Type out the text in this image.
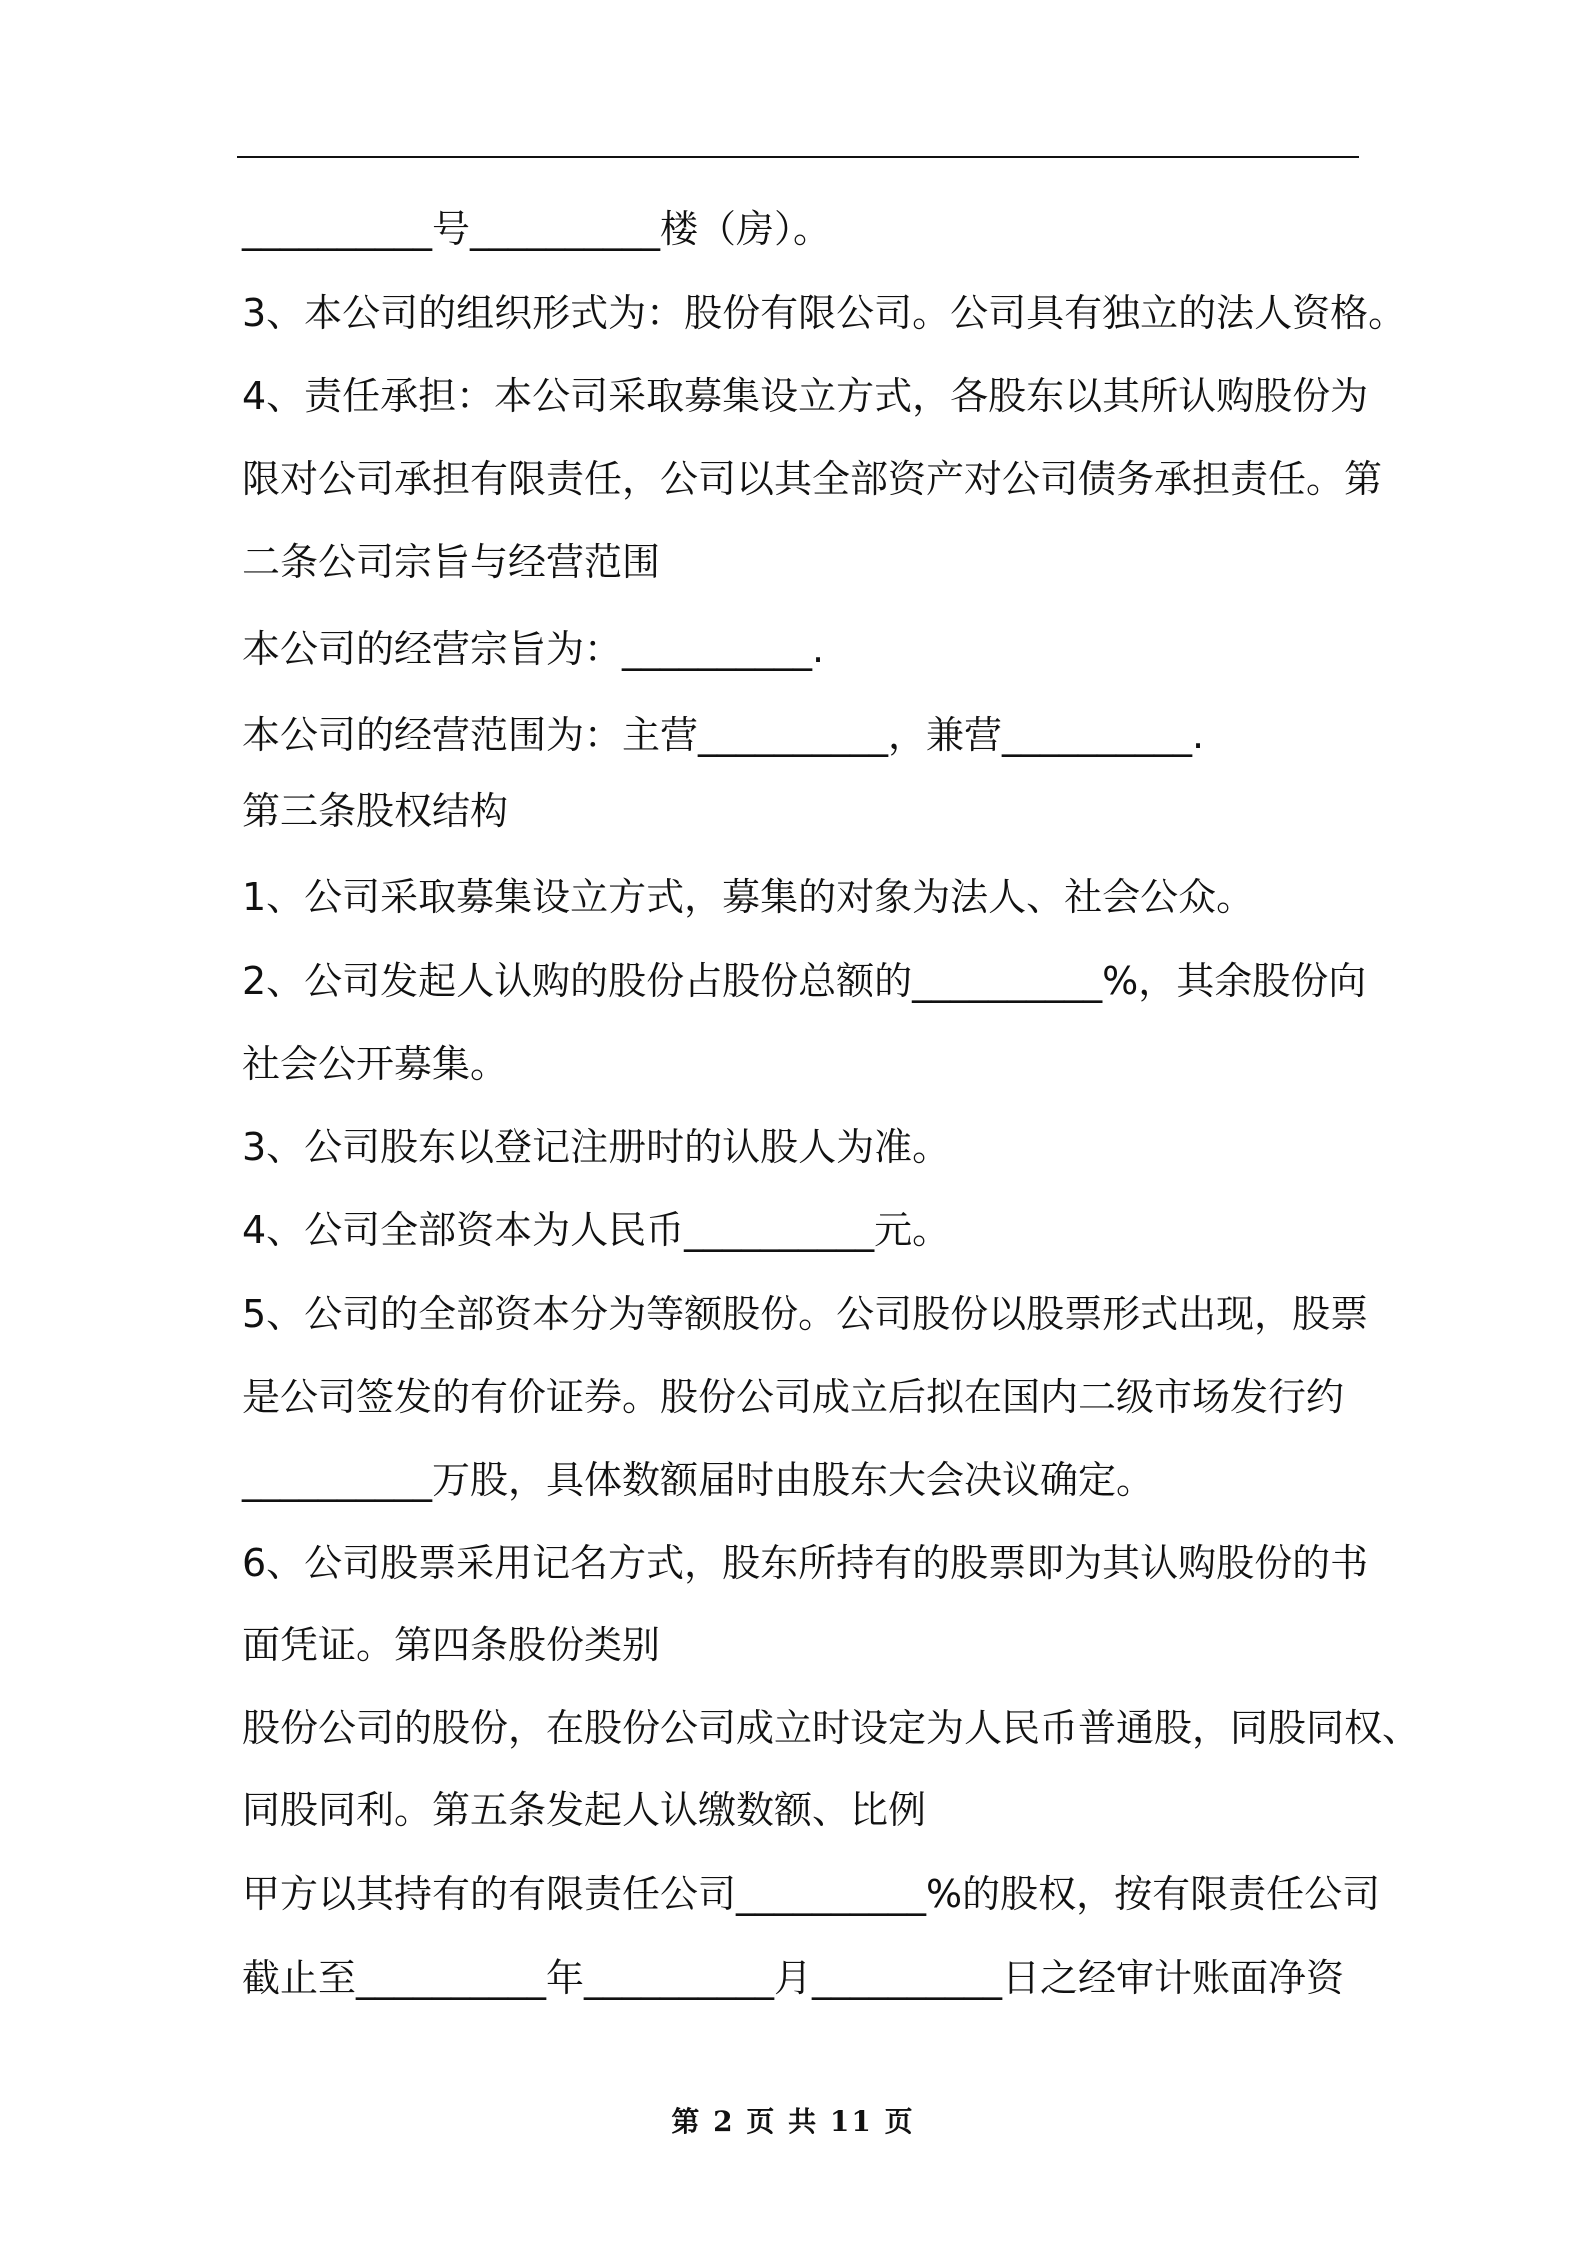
__________号__________楼（房）。
3、本公司的组织形式为：股份有限公司。公司具有独立的法人资格。
4、责任承担：本公司采取募集设立方式，各股东以其所认购股份为
限对公司承担有限责任，公司以其全部资产对公司债务承担责任。第
二条公司宗旨与经营范围
本公司的经营宗旨为：__________.
本公司的经营范围为：主营__________，兼营__________.
第三条股权结构
1、公司采取募集设立方式，募集的对象为法人、社会公众。
2、公司发起人认购的股份占股份总额的__________%，其余股份向
社会公开募集。
3、公司股东以登记注册时的认股人为准。
4、公司全部资本为人民币__________元。
5、公司的全部资本分为等额股份。公司股份以股票形式出现，股票
是公司签发的有价证券。股份公司成立后拟在国内二级市场发行约
__________万股，具体数额届时由股东大会决议确定。
6、公司股票采用记名方式，股东所持有的股票即为其认购股份的书
面凭证。第四条股份类别
股份公司的股份，在股份公司成立时设定为人民币普通股，同股同权、
同股同利。第五条发起人认缴数额、比例
甲方以其持有的有限责任公司__________%的股权，按有限责任公司
截止至__________年__________月__________日之经审计账面净资
第 2 页 共 11 页
